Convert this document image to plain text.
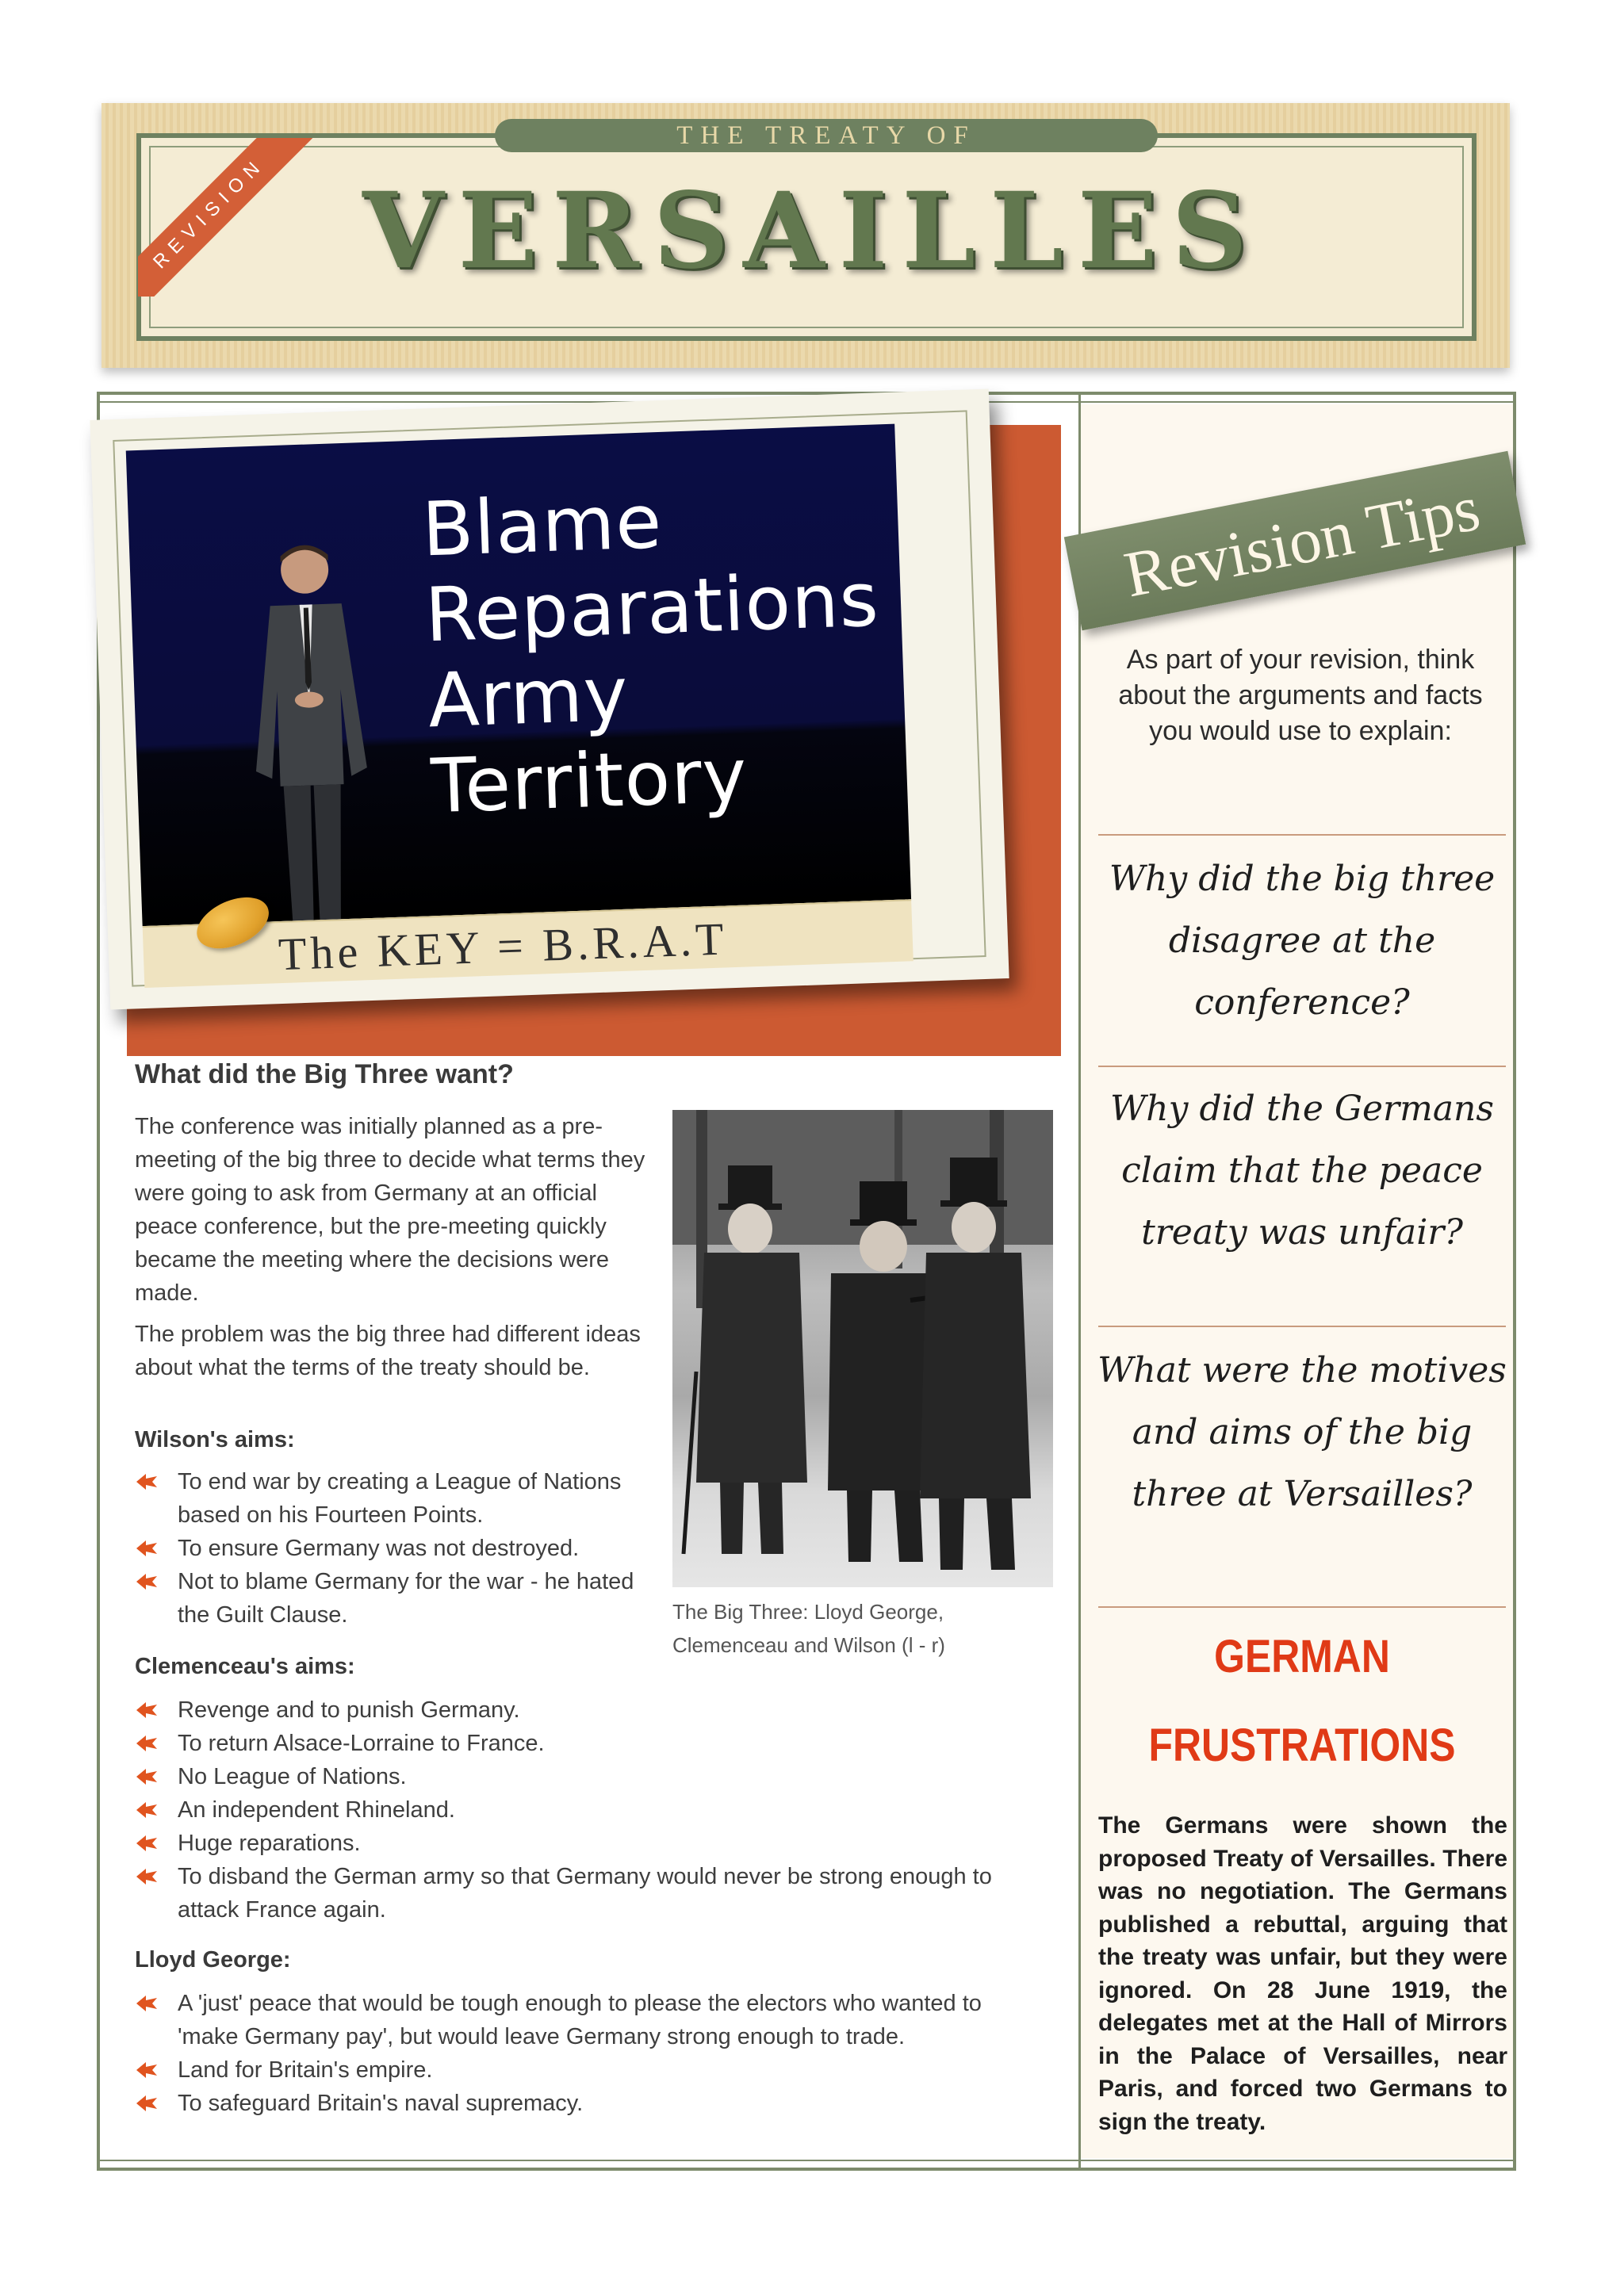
REVISION
THE TREATY OF
VERSAILLES
Blame
Reparations
Army
Territory
The KEY = B.R.A.T
What did the Big Three want?

The conference was initially planned as a pre-meeting of the big three to decide what terms they were going to ask from Germany at an official peace conference, but the pre-meeting quickly became the meeting where the decisions were made.

The problem was the big three had different ideas about what the terms of the treaty should be.

Wilson's aims:
To end war by creating a League of Nations based on his Fourteen Points.
To ensure Germany was not destroyed.
Not to blame Germany for the war - he hated the Guilt Clause.	The Big Three: Lloyd George, Clemenceau and Wilson (l - r)
Clemenceau's aims:
Revenge and to punish Germany.
To return Alsace-Lorraine to France.
No League of Nations.
An independent Rhineland.
Huge reparations.
To disband the German army so that Germany would never be strong enough to attack France again.
Lloyd George:
A 'just' peace that would be tough enough to please the electors who wanted to 'make Germany pay', but would leave Germany strong enough to trade.
Land for Britain's empire.
To safeguard Britain's naval supremacy.
Revision Tips
As part of your revision, think about the arguments and facts you would use to explain:
Why did the big three disagree at the conference?
Why did the Germans claim that the peace treaty was unfair?
What were the motives and aims of the big three at Versailles?
GERMAN
FRUSTRATIONS

The Germans were shown the proposed Treaty of Versailles. There was no negotiation. The Germans published a rebuttal, arguing that the treaty was unfair, but they were ignored. On 28 June 1919, the delegates met at the Hall of Mirrors in the Palace of Versailles, near Paris, and forced two Germans to sign the treaty.
